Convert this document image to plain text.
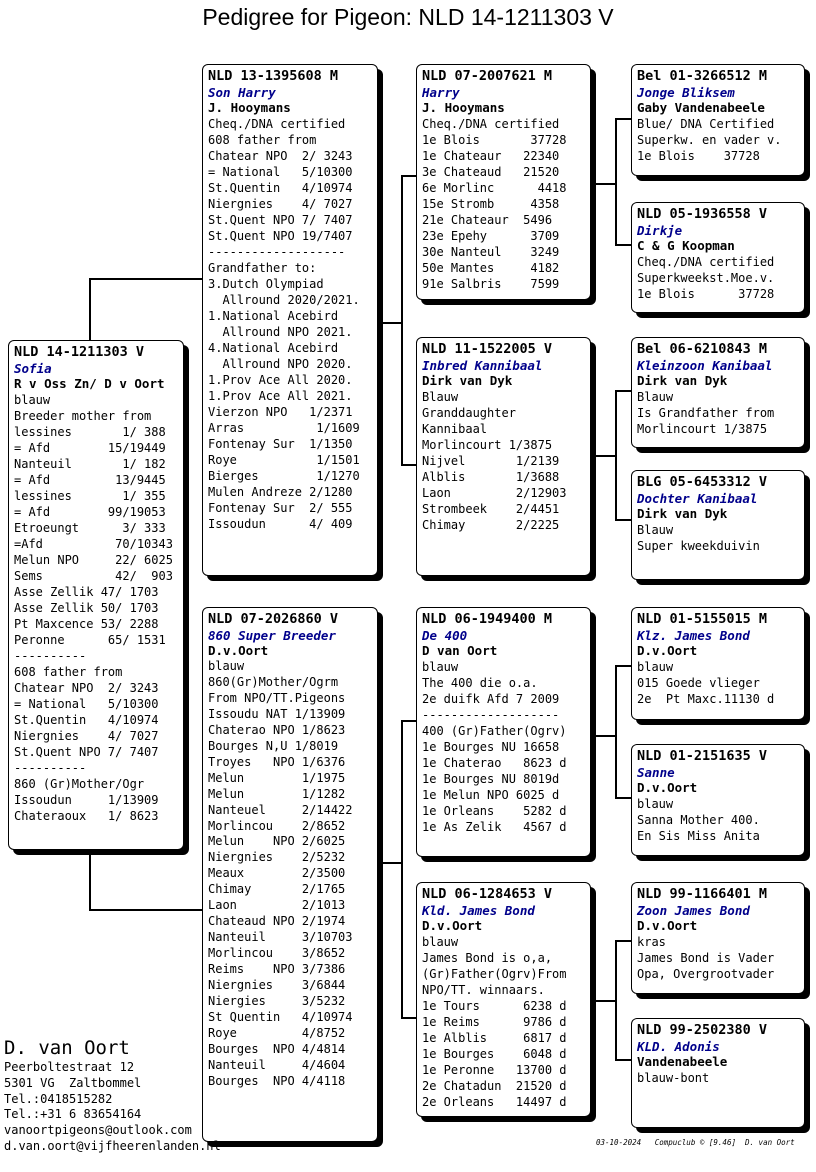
Pedigree for Pigeon: NLD 14-1211303 V
NLD 14-1211303 V
Sofia
R v Oss Zn/ D v Oort
blauw
Breeder mother from
lessines       1/ 388
= Afd        15/19449
Nanteuil       1/ 182
= Afd         13/9445
lessines       1/ 355
= Afd        99/19053
Etroeungt      3/ 333
=Afd          70/10343
Melun NPO     22/ 6025
Sems          42/  903
Asse Zellik 47/ 1703
Asse Zellik 50/ 1703
Pt Maxcence 53/ 2288
Peronne      65/ 1531
----------
608 father from
Chatear NPO  2/ 3243
= National   5/10300
St.Quentin   4/10974
Niergnies    4/ 7027
St.Quent NPO 7/ 7407
----------
860 (Gr)Mother/Ogr
Issoudun     1/13909
Chateraoux   1/ 8623
NLD 13-1395608 M
Son Harry
J. Hooymans
Cheq./DNA certified
608 father from
Chatear NPO  2/ 3243
= National   5/10300
St.Quentin   4/10974
Niergnies    4/ 7027
St.Quent NPO 7/ 7407
St.Quent NPO 19/7407
-------------------
Grandfather to:
3.Dutch Olympiad
Allround 2020/2021.
1.National Acebird
Allround NPO 2021.
4.National Acebird
Allround NPO 2020.
1.Prov Ace All 2020.
1.Prov Ace All 2021.
Vierzon NPO   1/2371
Arras          1/1609
Fontenay Sur  1/1350
Roye           1/1501
Bierges        1/1270
Mulen Andreze 2/1280
Fontenay Sur  2/ 555
Issoudun      4/ 409
NLD 07-2026860 V
860 Super Breeder
D.v.Oort
blauw
860(Gr)Mother/Ogrm
From NPO/TT.Pigeons
Issoudu NAT 1/13909
Chaterao NPO 1/8623
Bourges N,U 1/8019
Troyes   NPO 1/6376
Melun        1/1975
Melun        1/1282
Nanteuel     2/14422
Morlincou    2/8652
Melun    NPO 2/6025
Niergnies    2/5232
Meaux        2/3500
Chimay       2/1765
Laon         2/1013
Chateaud NPO 2/1974
Nanteuil     3/10703
Morlincou    3/8652
Reims    NPO 3/7386
Niergnies    3/6844
Niergies     3/5232
St Quentin   4/10974
Roye         4/8752
Bourges  NPO 4/4814
Nanteuil     4/4604
Bourges  NPO 4/4118
NLD 07-2007621 M
Harry
J. Hooymans
Cheq./DNA certified
1e Blois       37728
1e Chateaur   22340
3e Chateaud   21520
6e Morlinc      4418
15e Stromb     4358
21e Chateaur  5496
23e Epehy      3709
30e Nanteul    3249
50e Mantes     4182
91e Salbris    7599
NLD 11-1522005 V
Inbred Kannibaal
Dirk van Dyk
Blauw
Granddaughter
Kannibaal
Morlincourt 1/3875
Nijvel       1/2139
Alblis       1/3688
Laon         2/12903
Strombeek    2/4451
Chimay       2/2225
NLD 06-1949400 M
De 400
D van Oort
blauw
The 400 die o.a.
2e duifk Afd 7 2009
-------------------
400 (Gr)Father(Ogrv)
1e Bourges NU 16658
1e Chaterao   8623 d
1e Bourges NU 8019d
1e Melun NPO 6025 d
1e Orleans    5282 d
1e As Zelik   4567 d
NLD 06-1284653 V
Kld. James Bond
D.v.Oort
blauw
James Bond is o,a,
(Gr)Father(Ogrv)From
NPO/TT. winnaars.
1e Tours      6238 d
1e Reims      9786 d
1e Alblis     6817 d
1e Bourges    6048 d
1e Peronne   13700 d
2e Chatadun  21520 d
2e Orleans   14497 d
Bel 01-3266512 M
Jonge Bliksem
Gaby Vandenabeele
Blue/ DNA Certified
Superkw. en vader v.
1e Blois    37728
NLD 05-1936558 V
Dirkje
C & G Koopman
Cheq./DNA certified
Superkweekst.Moe.v.
1e Blois      37728
Bel 06-6210843 M
Kleinzoon Kanibaal
Dirk van Dyk
Blauw
Is Grandfather from
Morlincourt 1/3875
BLG 05-6453312 V
Dochter Kanibaal
Dirk van Dyk
Blauw
Super kweekduivin
NLD 01-5155015 M
Klz. James Bond
D.v.Oort
blauw
015 Goede vlieger
2e  Pt Maxc.11130 d
NLD 01-2151635 V
Sanne
D.v.Oort
blauw
Sanna Mother 400.
En Sis Miss Anita
NLD 99-1166401 M
Zoon James Bond
D.v.Oort
kras
James Bond is Vader
Opa, Overgrootvader
NLD 99-2502380 V
KLD. Adonis
Vandenabeele
blauw-bont
D. van Oort
Peerboltestraat 12
5301 VG  Zaltbommel
Tel.:0418515282
Tel.:+31 6 83654164
vanoortpigeons@outlook.com
d.van.oort@vijfheerenlanden.nl	03-10-2024   Compuclub © [9.46]  D. van Oort
